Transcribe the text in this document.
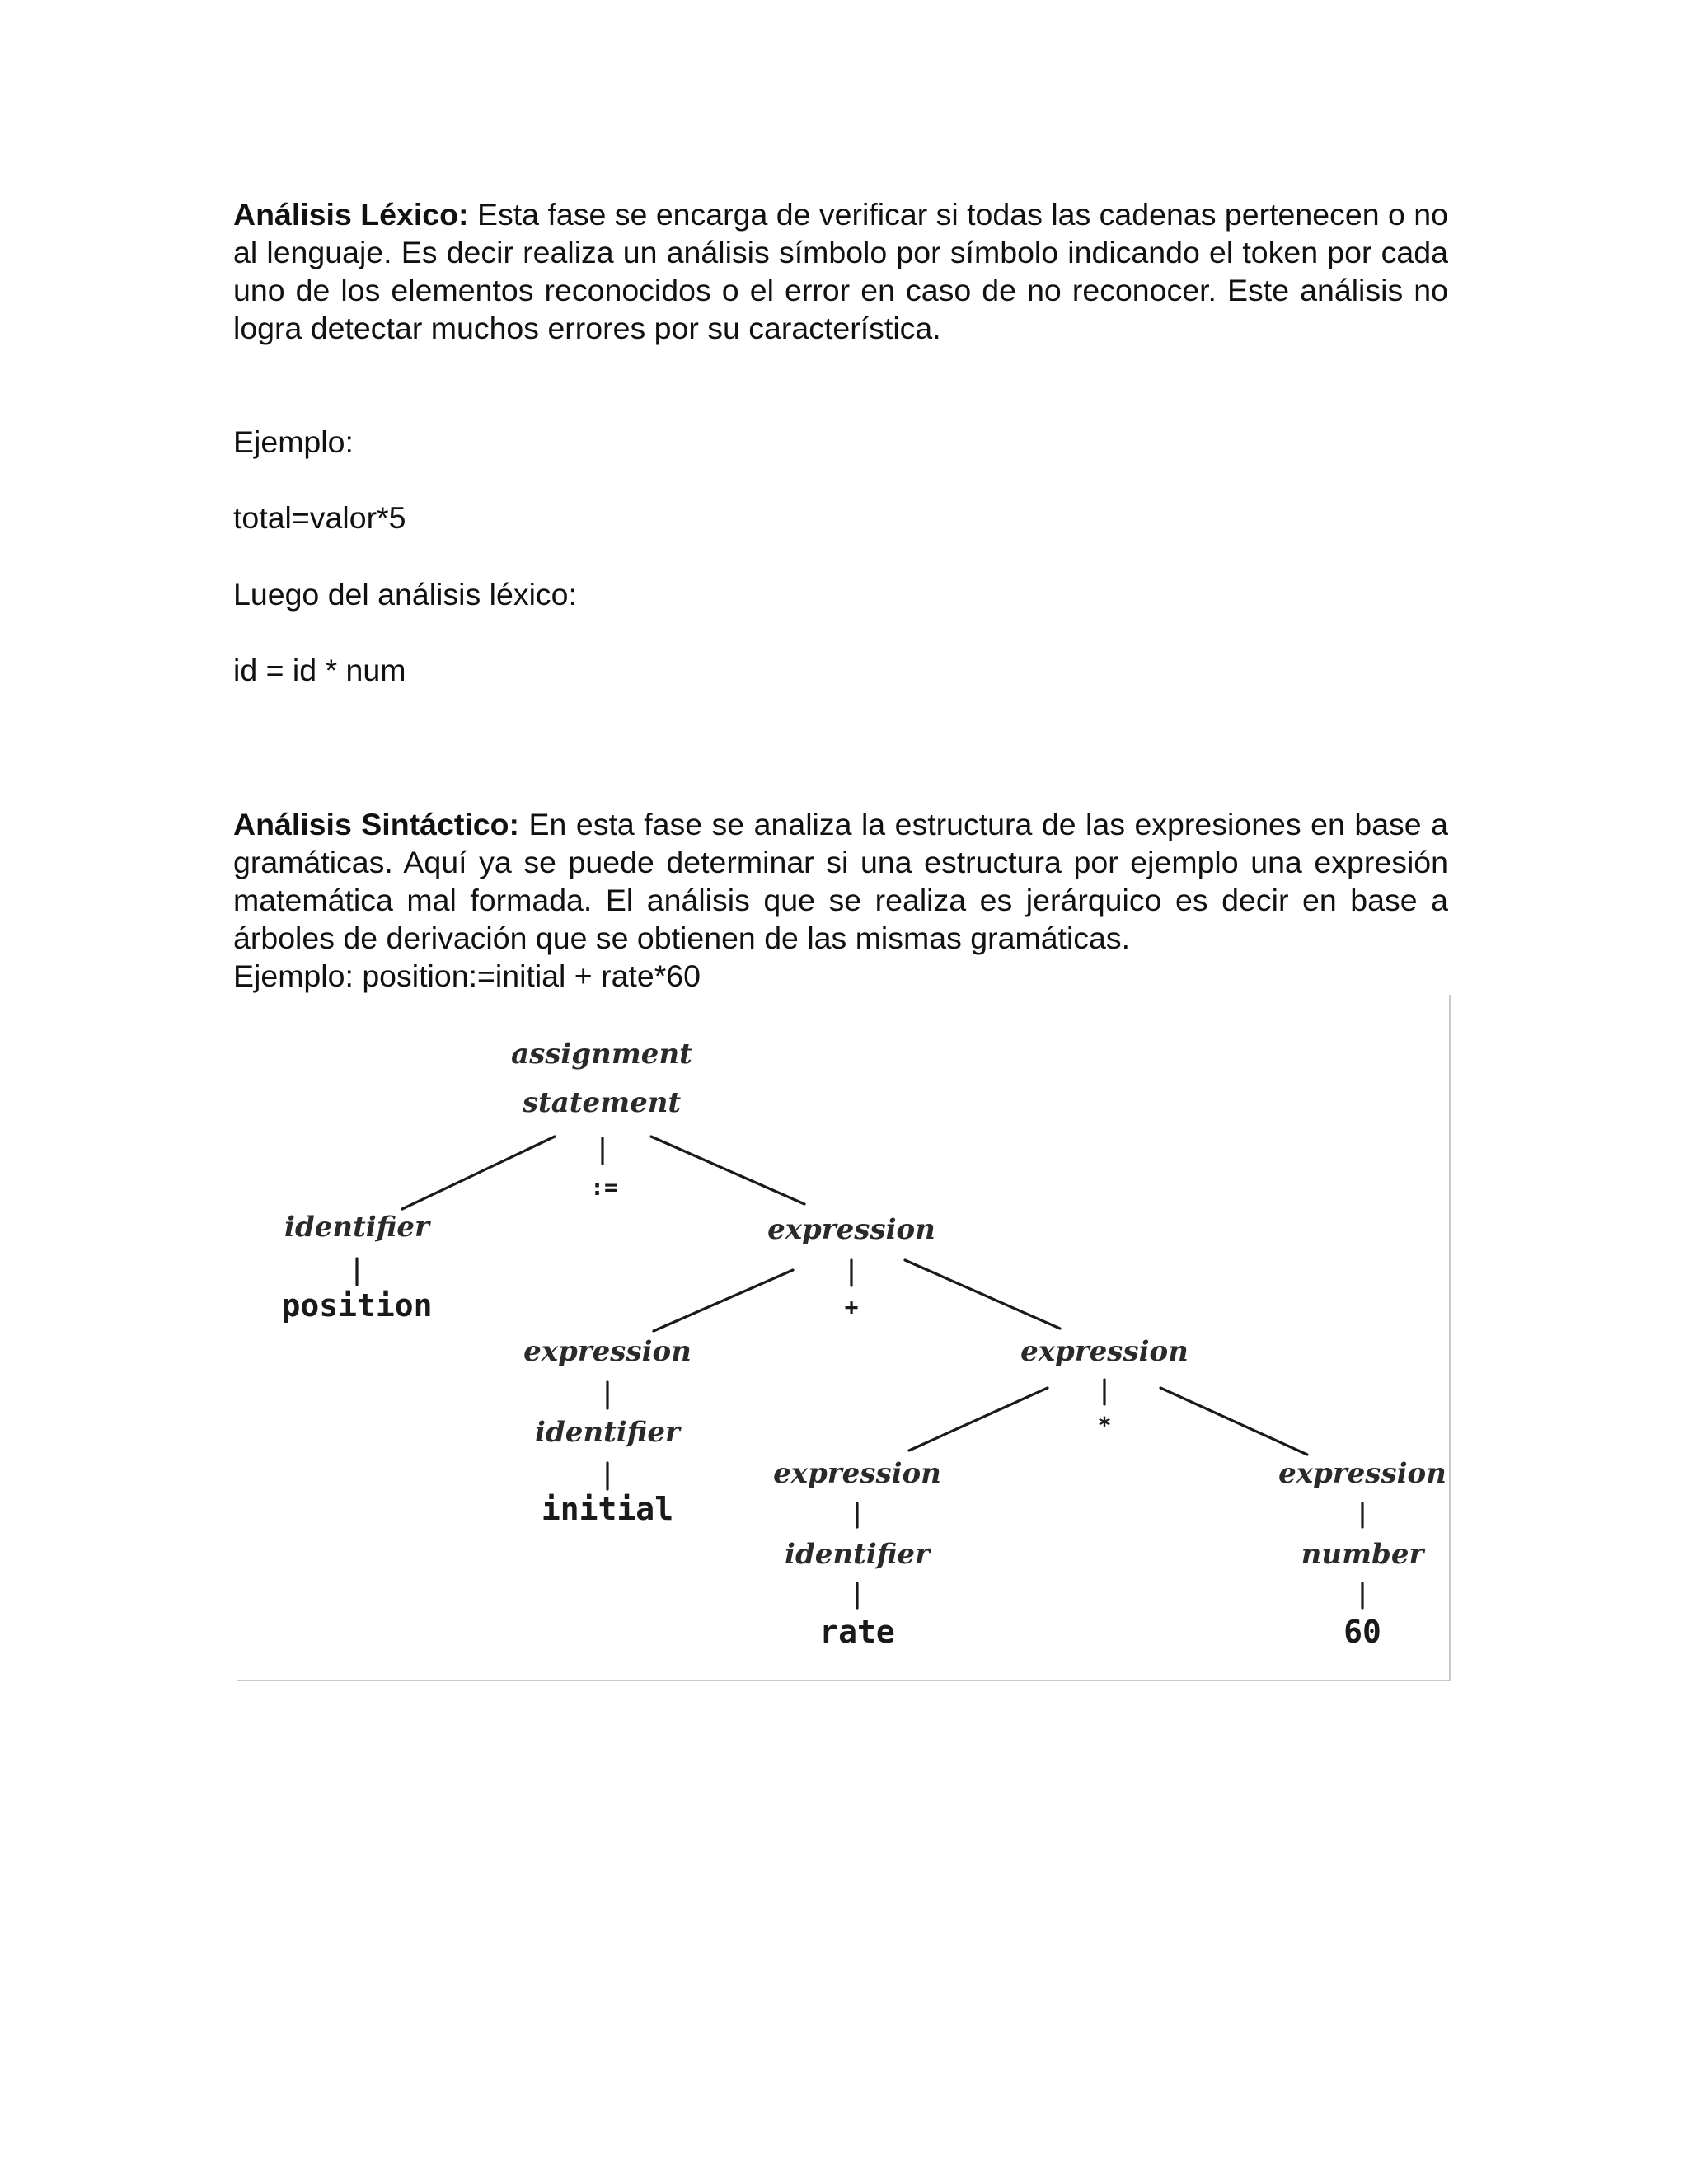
Análisis Léxico: Esta fase se encarga de verificar si todas las cadenas pertenecen o no al lenguaje. Es decir realiza un análisis símbolo por símbolo indicando el token por cada uno de los elementos reconocidos o el error en caso de no reconocer. Este análisis no logra detectar muchos errores por su característica.

Ejemplo:

total=valor*5

Luego del análisis léxico:

id = id * num

Análisis Sintáctico: En esta fase se analiza la estructura de las expresiones en base a gramáticas. Aquí ya se puede determinar si una estructura por ejemplo una expresión matemática mal formada. El análisis que se realiza es jerárquico es decir en base a árboles de derivación que se obtienen de las mismas gramáticas.

Ejemplo: position:=initial + rate*60

assignment
statement
:=
identifier
position
expression
+
expression
identifier
initial
expression
*
expression
identifier
rate
expression
number
60
